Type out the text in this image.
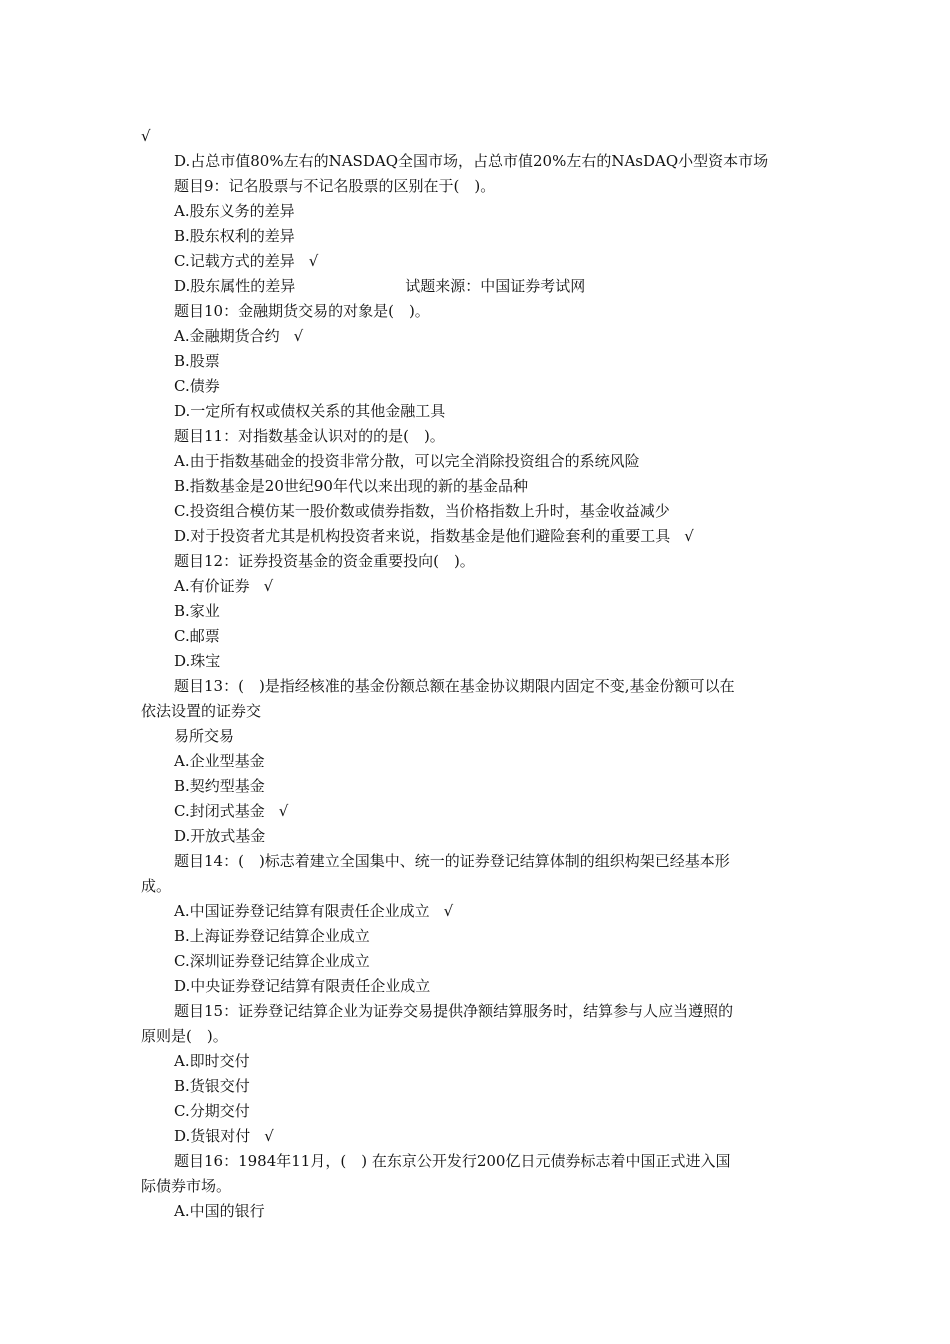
√
D.占总市值80%左右的NASDAQ全国市场，占总市值20%左右的NAsDAQ小型资本市场
题目9：记名股票与不记名股票的区别在于(　)。
A.股东义务的差异
B.股东权利的差异
C.记载方式的差异 √
D.股东属性的差异	试题来源：中国证券考试网
题目10：金融期货交易的对象是(　)。
A.金融期货合约 √
B.股票
C.债券
D.一定所有权或债权关系的其他金融工具
题目11：对指数基金认识对的的是(　)。
A.由于指数基础金的投资非常分散，可以完全消除投资组合的系统风险
B.指数基金是20世纪90年代以来出现的新的基金品种
C.投资组合模仿某一股价数或债券指数，当价格指数上升时，基金收益减少
D.对于投资者尤其是机构投资者来说，指数基金是他们避险套利的重要工具 √
题目12：证券投资基金的资金重要投向(　)。
A.有价证券 √
B.家业
C.邮票
D.珠宝
题目13：(　)是指经核准的基金份额总额在基金协议期限内固定不变,基金份额可以在
依法设置的证券交
易所交易
A.企业型基金
B.契约型基金
C.封闭式基金 √
D.开放式基金
题目14：(　)标志着建立全国集中、统一的证券登记结算体制的组织构架已经基本形
成。
A.中国证券登记结算有限责任企业成立 √
B.上海证券登记结算企业成立
C.深圳证券登记结算企业成立
D.中央证券登记结算有限责任企业成立
题目15：证券登记结算企业为证券交易提供净额结算服务时，结算参与人应当遵照的
原则是(　)。
A.即时交付
B.货银交付
C.分期交付
D.货银对付 √
题目16：1984年11月，(　) 在东京公开发行200亿日元债券标志着中国正式进入国
际债券市场。
A.中国的银行
